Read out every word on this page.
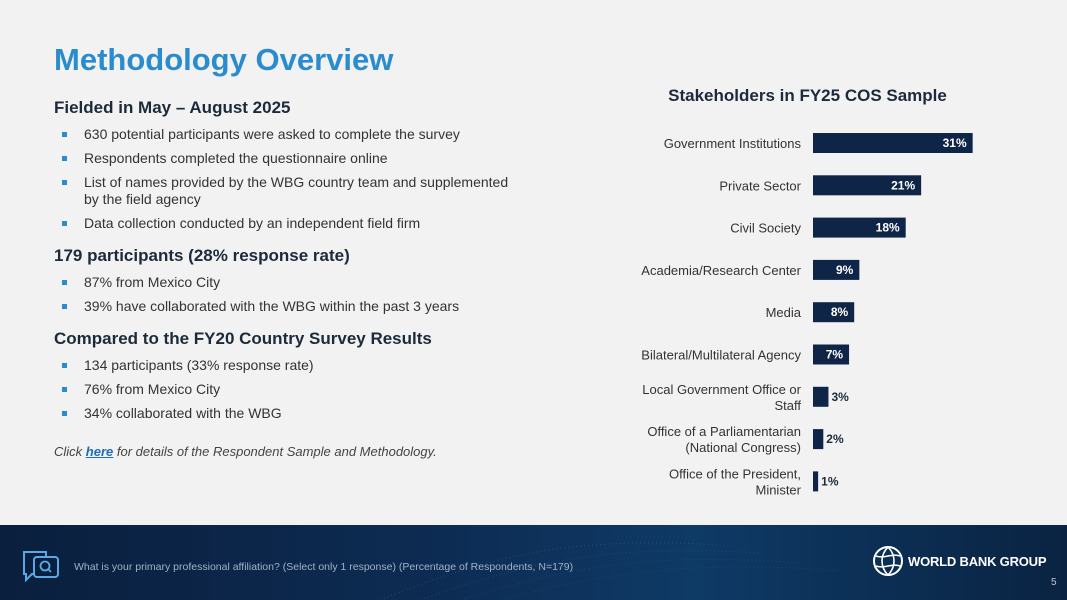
Methodology Overview

Fielded in May – August 2025

630 potential participants were asked to complete the survey
Respondents completed the questionnaire online
List of names provided by the WBG country team and supplemented by the field agency
Data collection conducted by an independent field firm

179 participants (28% response rate)

87% from Mexico City
39% have collaborated with the WBG within the past 3 years

Compared to the FY20 Country Survey Results

134 participants (33% response rate)
76% from Mexico City
34% collaborated with the WBG
Click here for details of the Respondent Sample and Methodology.
Stakeholders in FY25 COS Sample
31%
Government Institutions
21%
Private Sector
18%
Civil Society
9%
Academia/Research Center
8%
Media
7%
Bilateral/Multilateral Agency
3%
Local Government Office or Staff
2%
Office of a Parliamentarian (National Congress)
1%
Office of the President, Minister
What is your primary professional affiliation? (Select only 1 response) (Percentage of Respondents, N=179)	WORLD BANK GROUP
5
